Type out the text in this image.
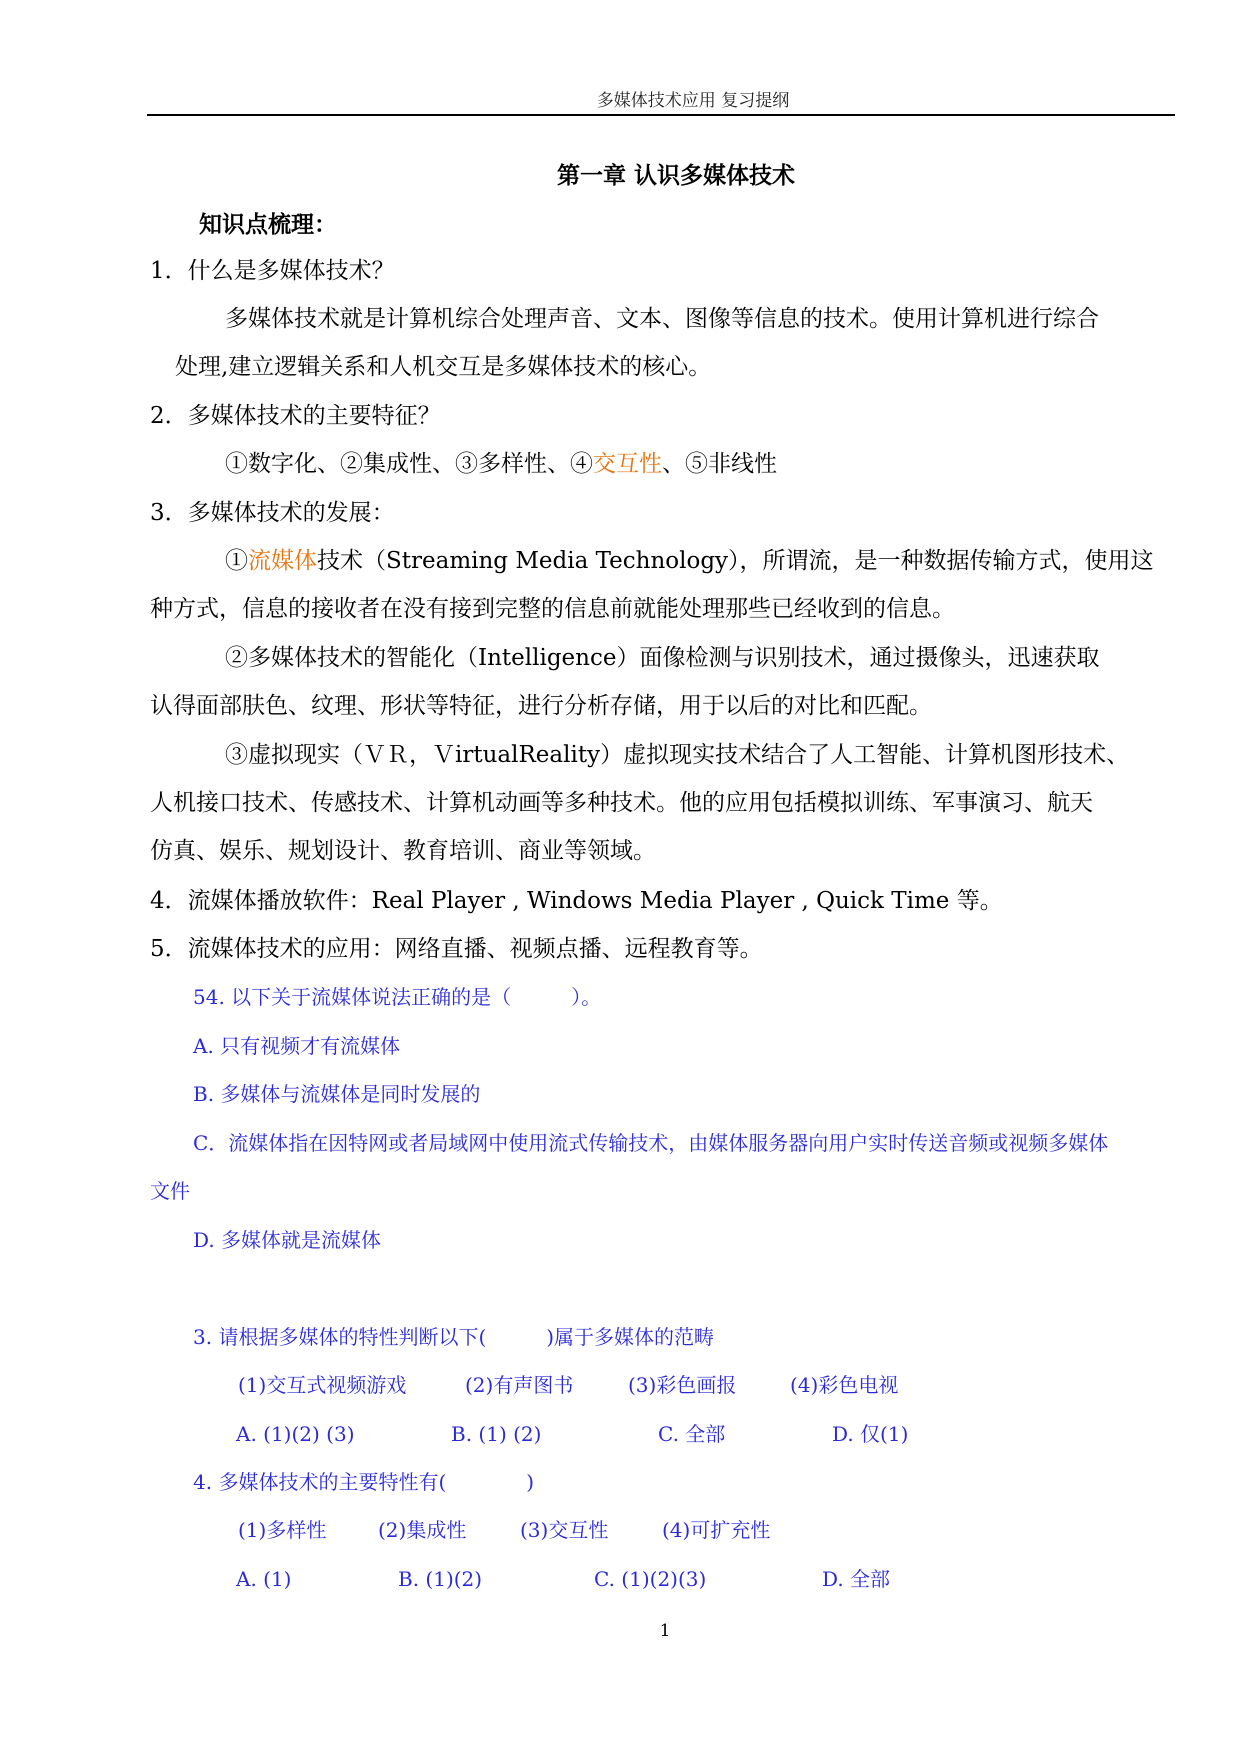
多媒体技术应用 复习提纲
第一章 认识多媒体技术
知识点梳理：
1．什么是多媒体技术？
多媒体技术就是计算机综合处理声音、文本、图像等信息的技术。使用计算机进行综合
处理,建立逻辑关系和人机交互是多媒体技术的核心。
2．多媒体技术的主要特征？
①数字化、②集成性、③多样性、④交互性、⑤非线性
3．多媒体技术的发展：
①流媒体技术（Streaming Media Technology），所谓流，是一种数据传输方式，使用这
种方式，信息的接收者在没有接到完整的信息前就能处理那些已经收到的信息。
②多媒体技术的智能化（Intelligence）面像检测与识别技术，通过摄像头，迅速获取
认得面部肤色、纹理、形状等特征，进行分析存储，用于以后的对比和匹配。
③虚拟现实（ＶＲ，ＶirtualReality）虚拟现实技术结合了人工智能、计算机图形技术、
人机接口技术、传感技术、计算机动画等多种技术。他的应用包括模拟训练、军事演习、航天
仿真、娱乐、规划设计、教育培训、商业等领域。
4．流媒体播放软件：Real Player , Windows Media Player , Quick Time 等。
5．流媒体技术的应用：网络直播、视频点播、远程教育等。
54. 以下关于流媒体说法正确的是（　　　）。
A. 只有视频才有流媒体
B. 多媒体与流媒体是同时发展的
C．流媒体指在因特网或者局域网中使用流式传输技术，由媒体服务器向用户实时传送音频或视频多媒体
文件
D. 多媒体就是流媒体
3. 请根据多媒体的特性判断以下(　　　)属于多媒体的范畴
(1)交互式视频游戏	(2)有声图书	(3)彩色画报	(4)彩色电视
A. (1)(2) (3)	B. (1) (2)	C. 全部	D. 仅(1)
4. 多媒体技术的主要特性有(　　　　)
(1)多样性	(2)集成性	(3)交互性	(4)可扩充性
A. (1)	B. (1)(2)	C. (1)(2)(3)	D. 全部
1
